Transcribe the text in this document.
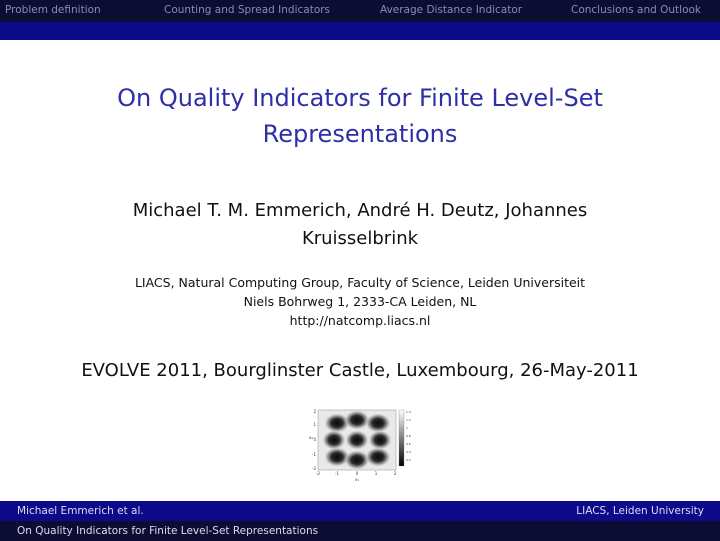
Problem definition	Counting and Spread Indicators	Average Distance Indicator	Conclusions and Outlook
On Quality Indicators for Finite Level-Set
Representations
Michael T. M. Emmerich, André H. Deutz, Johannes
Kruisselbrink
LIACS, Natural Computing Group, Faculty of Science, Leiden Universiteit
Niels Bohrweg 1, 2333-CA Leiden, NL
http://natcomp.liacs.nl
EVOLVE 2011, Bourglinster Castle, Luxembourg, 26-May-2011
2
1
0
-1
-2
x₂
-2	-1	0	1	2
x₁
1.4
1.2
1
0.8
0.6
0.4
0.2
Michael Emmerich et al.	LIACS, Leiden University
On Quality Indicators for Finite Level-Set Representations
